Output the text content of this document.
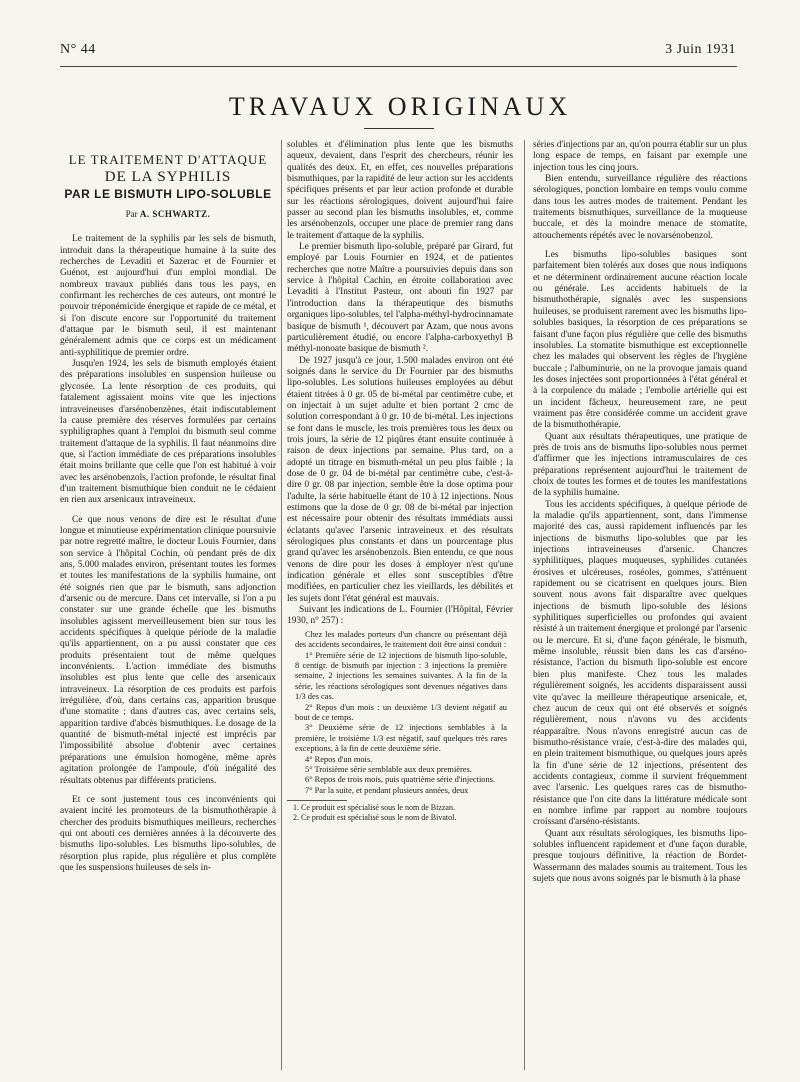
N° 44	3 Juin 1931
TRAVAUX ORIGINAUX
LE TRAITEMENT D'ATTAQUE
DE LA SYPHILIS
PAR LE BISMUTH LIPO-SOLUBLE
Par A. SCHWARTZ.

Le traitement de la syphilis par les sels de bismuth, introduit dans la thérapeutique humaine à la suite des recherches de Levaditi et Sazerac et de Fournier et Guénot, est aujourd'hui d'un emploi mondial. De nombreux travaux publiés dans tous les pays, en confirmant les recherches de ces auteurs, ont montré le pouvoir tréponémicide énergique et rapide de ce métal, et si l'on discute encore sur l'opportunité du traitement d'attaque par le bismuth seul, il est maintenant généralement admis que ce corps est un médicament anti-syphilitique de premier ordre.

Jusqu'en 1924, les sels de bismuth employés étaient des préparations insolubles en suspension huileuse ou glycosée. La lente résorption de ces produits, qui fatalement agissaient moins vite que les injections intraveineuses d'arsénobenzènes, était indiscutablement la cause première des réserves formulées par certains syphiligraphes quant à l'emploi du bismuth seul comme traitement d'attaque de la syphilis. Il faut néanmoins dire que, si l'action immédiate de ces préparations insolubles était moins brillante que celle que l'on est habitué à voir avec les arsénobenzols, l'action profonde, le résultat final d'un traitement bismuthique bien conduit ne le cédaient en rien aux arsenicaux intraveineux.

Ce que nous venons de dire est le résultat d'une longue et minutieuse expérimentation clinique poursuivie par notre regretté maître, le docteur Louis Fournier, dans son service à l'hôpital Cochin, où pendant près de dix ans, 5.000 malades environ, présentant toutes les formes et toutes les manifestations de la syphilis humaine, ont été soignés rien que par le bismuth, sans adjonction d'arsenic ou de mercure. Dans cet intervalle, si l'on a pu constater sur une grande échelle que les bismuths insolubles agissent merveilleusement bien sur tous les accidents spécifiques à quelque période de la maladie qu'ils appartiennent, on a pu aussi constater que ces produits présentaient tout de même quelques inconvénients. L'action immédiate des bismuths insolubles est plus lente que celle des arsenicaux intraveineux. La résorption de ces produits est parfois irrégulière, d'où, dans certains cas, apparition brusque d'une stomatite ; dans d'autres cas, avec certains sels, apparition tardive d'abcès bismuthiques. Le dosage de la quantité de bismuth-métal injecté est imprécis par l'impossibilité absolue d'obtenir avec certaines préparations une émulsion homogène, même après agitation prolongée de l'ampoule, d'où inégalité des résultats obtenus par différents praticiens.

Et ce sont justement tous ces inconvénients qui avaient incité les promoteurs de la bismuthothérapie à chercher des produits bismuthiques meilleurs, recherches qui ont abouti ces dernières années à la découverte des bismuths lipo-solubles. Les bismuths lipo-solubles, de résorption plus rapide, plus régulière et plus complète que les suspensions huileuses de sels in-

solubles et d'élimination plus lente que les bismuths aqueux, devaient, dans l'esprit des chercheurs, réunir les qualités des deux. Et, en effet, ces nouvelles préparations bismuthiques, par la rapidité de leur action sur les accidents spécifiques présents et par leur action profonde et durable sur les réactions sérologiques, doivent aujourd'hui faire passer au second plan les bismuths insolubles, et, comme les arsénobenzols, occuper une place de premier rang dans le traitement d'attaque de la syphilis.

Le premier bismuth lipo-soluble, préparé par Girard, fut employé par Louis Fournier en 1924, et de patientes recherches que notre Maître a poursuivies depuis dans son service à l'hôpital Cachin, en étroite collaboration avec Levaditi à l'Institut Pasteur, ont abouti fin 1927 par l'introduction dans la thérapeutique des bismuths organiques lipo-solubles, tel l'alpha-méthyl-hydrocinnamate basique de bismuth ¹, découvert par Azam, que nous avons particulièrement étudié, ou encore l'alpha-carboxyethyl B méthyl-nonoate basique de bismuth ².

De 1927 jusqu'à ce jour, 1.500 malades environ ont été soignés dans le service du Dr Fournier par des bismuths lipo-solubles. Les solutions huileuses employées au début étaient titrées à 0 gr. 05 de bi-métal par centimètre cube, et on injectait à un sujet adulte et bien portant 2 cmc de solution correspondant à 0 gr. 10 de bi-métal. Les injections se font dans le muscle, les trois premières tous les deux ou trois jours, la série de 12 piqûres étant ensuite continuée à raison de deux injections par semaine. Plus tard, on a adopté un titrage en bismuth-métal un peu plus faible ; la dose de 0 gr. 04 de bi-métal par centimètre cube, c'est-à-dire 0 gr. 08 par injection, semble être la dose optima pour l'adulte, la série habituelle étant de 10 à 12 injections. Nous estimons que la dose de 0 gr. 08 de bi-métal par injection est nécessaire pour obtenir des résultats immédiats aussi éclatants qu'avec l'arsenic intraveineux et des résultats sérologiques plus constants et dans un pourcentage plus grand qu'avec les arsénobenzols. Bien entendu, ce que nous venons de dire pour les doses à employer n'est qu'une indication générale et elles sont susceptibles d'être modifiées, en particulier chez les vieillards, les débilités et les sujets dont l'état général est mauvais.

Suivant les indications de L. Fournier (l'Hôpital, Février 1930, n° 257) :

Chez les malades porteurs d'un chancre ou présentant déjà des accidents secondaires, le traitement doit être ainsi conduit :

1° Première série de 12 injections de bismuth lipo-soluble, 8 centigr. de bismuth par injection : 3 injections la première semaine, 2 injections les semaines suivantes. A la fin de la série, les réactions sérologiques sont devenues négatives dans 1/3 des cas.

2° Repos d'un mois : un deuxième 1/3 devient négatif au bout de ce temps.

3° Deuxième série de 12 injections semblables à la première, le troisième 1/3 est négatif, sauf quelques très rares exceptions, à la fin de cette deuxième série.

4° Repos d'un mois.

5° Troisième série semblable aux deux premières.

6° Repos de trois mois, puis quatrième série d'injections.

7° Par la suite, et pendant plusieurs années, deux

1. Ce produit est spécialisé sous le nom de Bizzan.
2. Ce produit est spécialisé sous le nom de Bivatol.

séries d'injections par an, qu'on pourra établir sur un plus long espace de temps, en faisant par exemple une injection tous les cinq jours.

Bien entendu, surveillance régulière des réactions sérologiques, ponction lombaire en temps voulu comme dans tous les autres modes de traitement. Pendant les traitements bismuthiques, surveillance de la muqueuse buccale, et dès la moindre menace de stomatite, attouchements répétés avec le novarsénobenzol.

Les bismuths lipo-solubles basiques sont parfaitement bien tolérés aux doses que nous indiquons et ne déterminent ordinairement aucune réaction locale ou générale. Les accidents habituels de la bismuthothérapie, signalés avec les suspensions huileuses, se produisent rarement avec les bismuths lipo-solubles basiques, la résorption de ces préparations se faisant d'une façon plus régulière que celle des bismuths insolubles. La stomatite bismuthique est exceptionnelle chez les malades qui observent les règles de l'hygiène buccale ; l'albuminurie, on ne la provoque jamais quand les doses injectées sont proportionnées à l'état général et à la corpulence du malade ; l'embolie artérielle qui est un incident fâcheux, heureusement rare, ne peut vraiment pas être considérée comme un accident grave de la bismuthothérapie.

Quant aux résultats thérapeutiques, une pratique de près de trois ans de bismuths lipo-solubles nous permet d'affirmer que les injections intramusculaires de ces préparations représentent aujourd'hui le traitement de choix de toutes les formes et de toutes les manifestations de la syphilis humaine.

Tous les accidents spécifiques, à quelque période de la maladie qu'ils appartiennent, sont, dans l'immense majorité des cas, aussi rapidement influencés par les injections de bismuths lipo-solubles que par les injections intraveineuses d'arsenic. Chancres syphilitiques, plaques muqueuses, syphilides cutanées érosives et ulcéreuses, roséoles, gommes, s'atténuent rapidement ou se cicatrisent en quelques jours. Bien souvent nous avons fait disparaître avec quelques injections de bismuth lipo-soluble des lésions syphilitiques superficielles ou profondes qui avaient résisté à un traitement énergique et prolongé par l'arsenic ou le mercure. Et si, d'une façon générale, le bismuth, même insoluble, réussit bien dans les cas d'arséno-résistance, l'action du bismuth lipo-soluble est encore bien plus manifeste. Chez tous les malades régulièrement soignés, les accidents disparaissent aussi vite qu'avec la meilleure thérapeutique arsenicale, et, chez aucun de ceux qui ont été observés et soignés régulièrement, nous n'avons vu des accidents réapparaître. Nous n'avons enregistré aucun cas de bismutho-résistance vraie, c'est-à-dire des malades qui, en plein traitement bismuthique, ou quelques jours après la fin d'une série de 12 injections, présentent des accidents contagieux, comme il survient fréquemment avec l'arsenic. Les quelques rares cas de bismutho-résistance que l'on cite dans la littérature médicale sont en nombre infime par rapport au nombre toujours croissant d'arséno-résistants.

Quant aux résultats sérologiques, les bismuths lipo-solubles influencent rapidement et d'une façon durable, presque toujours définitive, la réaction de Bordet-Wassermann des malades soumis au traitement. Tous les sujets que nous avons soignés par le bismuth à la phase
